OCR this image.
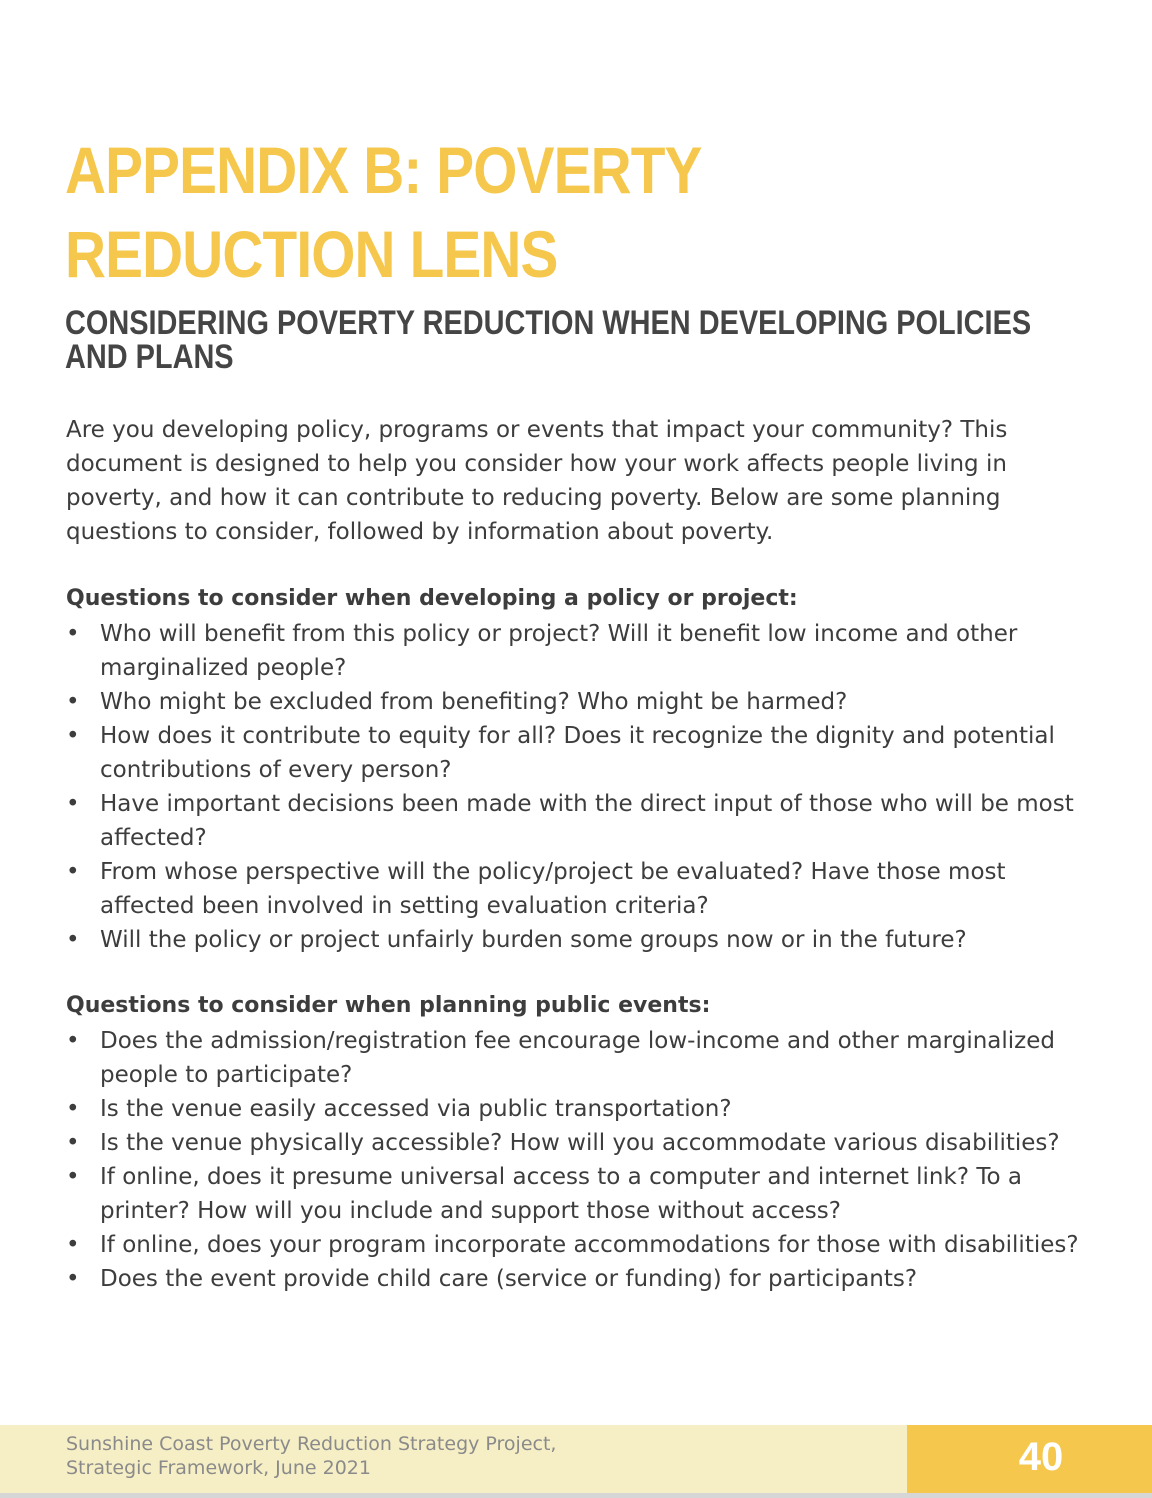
APPENDIX B: POVERTY REDUCTION LENS
CONSIDERING POVERTY REDUCTION WHEN DEVELOPING POLICIES AND PLANS

Are you developing policy, programs or events that impact your community? This document is designed to help you consider how your work affects people living in poverty, and how it can contribute to reducing poverty. Below are some planning questions to consider, followed by information about poverty.

Questions to consider when developing a policy or project:
• Who will benefit from this policy or project? Will it benefit low income and other marginalized people?
• Who might be excluded from benefiting? Who might be harmed?
• How does it contribute to equity for all? Does it recognize the dignity and potential contributions of every person?
• Have important decisions been made with the direct input of those who will be most affected?
• From whose perspective will the policy/project be evaluated? Have those most affected been involved in setting evaluation criteria?
• Will the policy or project unfairly burden some groups now or in the future?
Questions to consider when planning public events:
• Does the admission/registration fee encourage low-income and other marginalized people to participate?
• Is the venue easily accessed via public transportation?
• Is the venue physically accessible? How will you accommodate various disabilities?
• If online, does it presume universal access to a computer and internet link? To a printer? How will you include and support those without access?
• If online, does your program incorporate accommodations for those with disabilities?
• Does the event provide child care (service or funding) for participants?

Sunshine Coast Poverty Reduction Strategy Project,
Strategic Framework, June 2021	40
